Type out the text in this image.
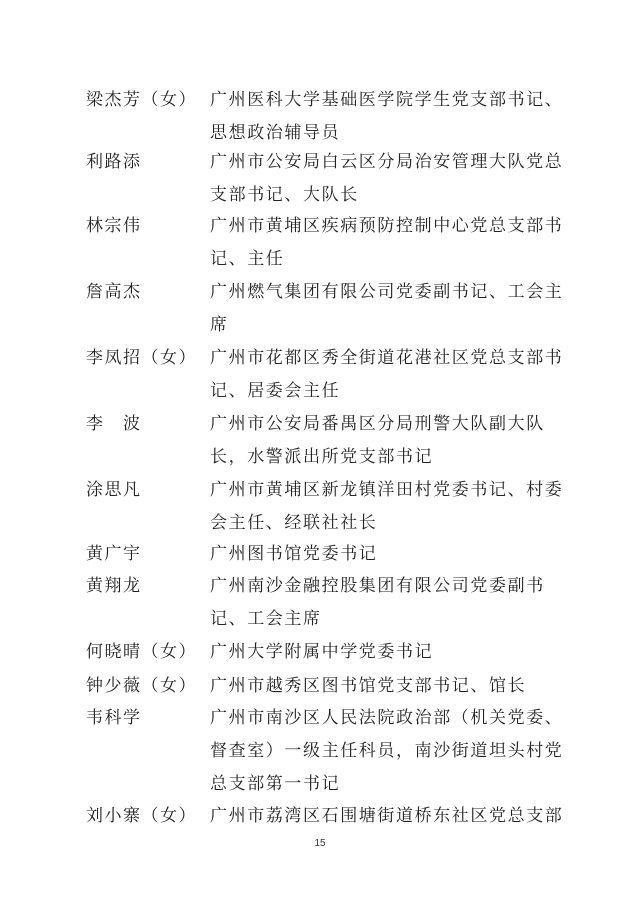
梁杰芳（女） 广州医科大学基础医学院学生党支部书记、
思想政治辅导员
利路添	广州市公安局白云区分局治安管理大队党总
支部书记、大队长
林宗伟	广州市黄埔区疾病预防控制中心党总支部书
记、主任
詹高杰	广州燃气集团有限公司党委副书记、工会主
席
李凤招（女） 广州市花都区秀全街道花港社区党总支部书
记、居委会主任
李　波	广州市公安局番禺区分局刑警大队副大队
长，水警派出所党支部书记
涂思凡	广州市黄埔区新龙镇洋田村党委书记、村委
会主任、经联社社长
黄广宇	广州图书馆党委书记
黄翔龙	广州南沙金融控股集团有限公司党委副书
记、工会主席
何晓晴（女） 广州大学附属中学党委书记
钟少薇（女） 广州市越秀区图书馆党支部书记、馆长
韦科学	广州市南沙区人民法院政治部（机关党委、
督查室）一级主任科员，南沙街道坦头村党
总支部第一书记
刘小寨（女） 广州市荔湾区石围塘街道桥东社区党总支部
15
